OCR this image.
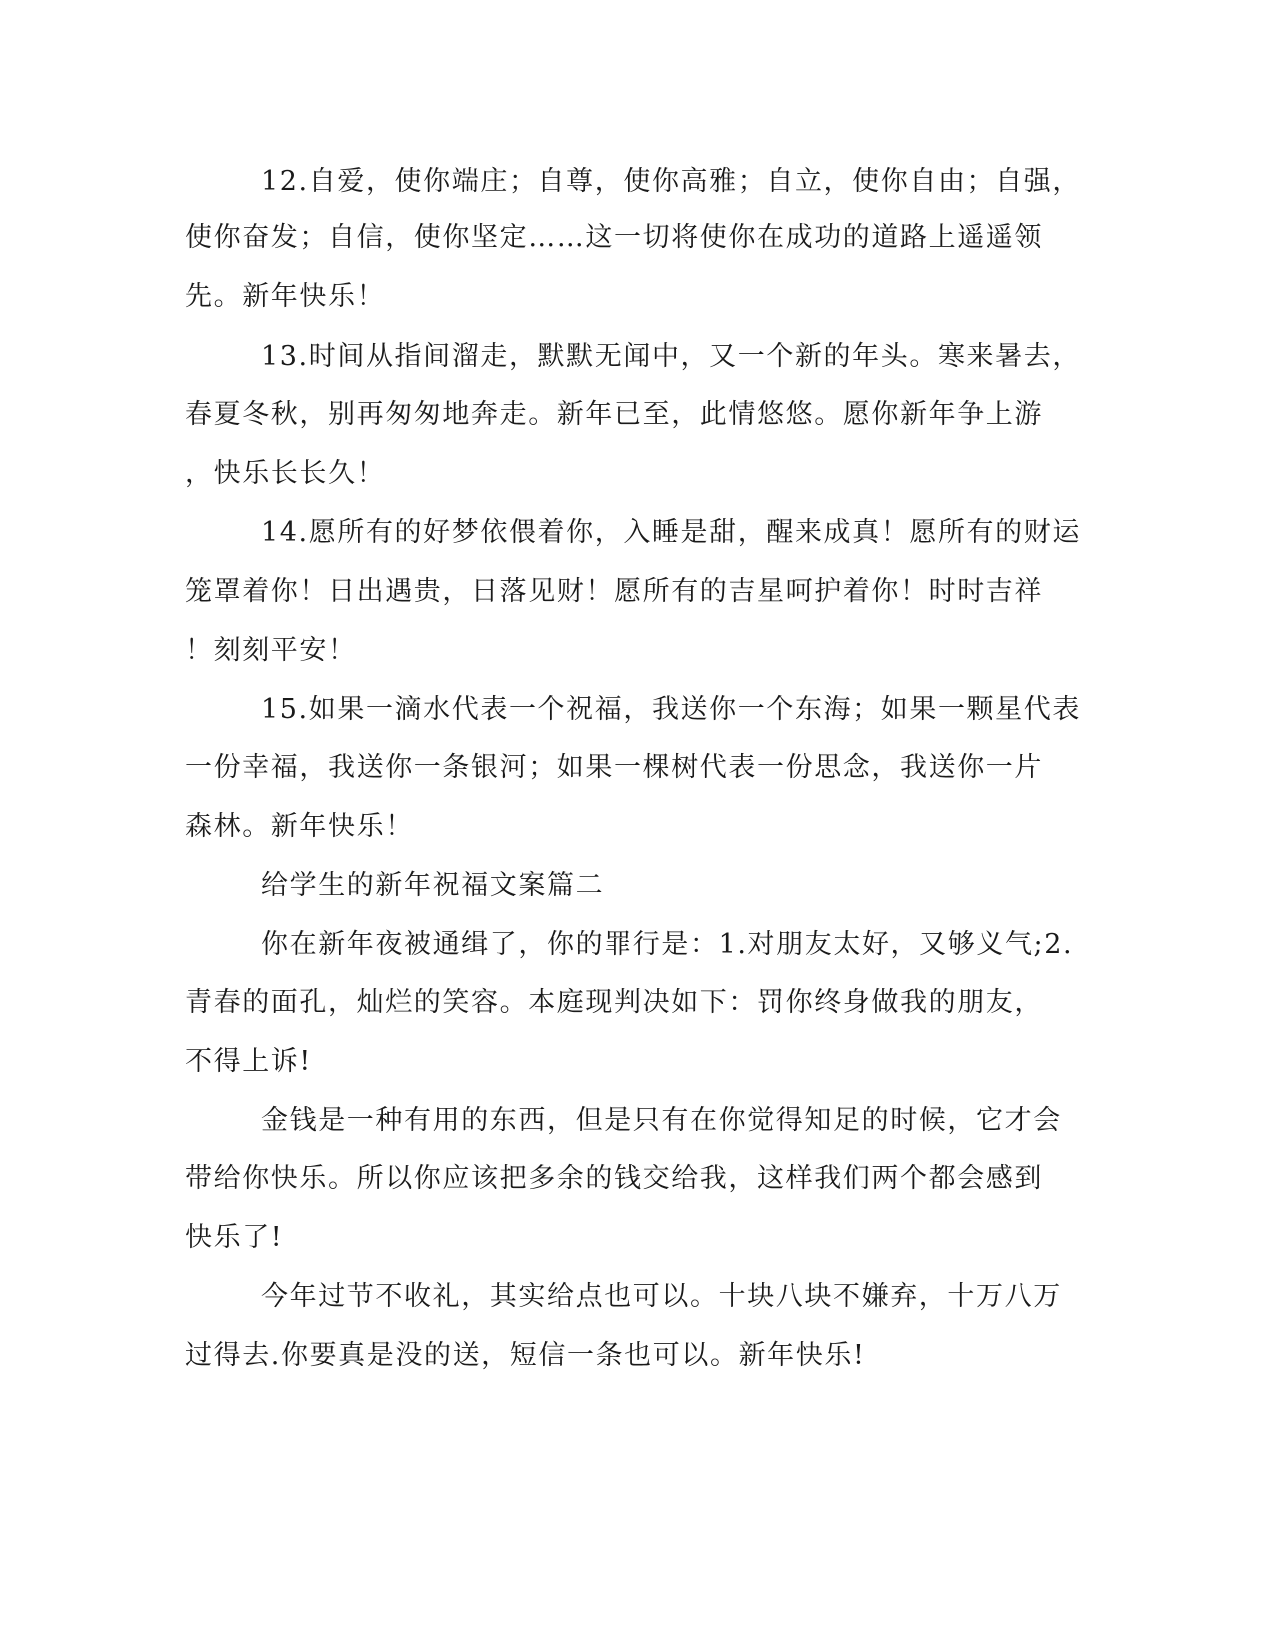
12.自爱，使你端庄；自尊，使你高雅；自立，使你自由；自强，
使你奋发；自信，使你坚定……这一切将使你在成功的道路上遥遥领
先。新年快乐！
13.时间从指间溜走，默默无闻中，又一个新的年头。寒来暑去，
春夏冬秋，别再匆匆地奔走。新年已至，此情悠悠。愿你新年争上游
，快乐长长久！
14.愿所有的好梦依偎着你，入睡是甜，醒来成真！愿所有的财运
笼罩着你！日出遇贵，日落见财！愿所有的吉星呵护着你！时时吉祥
！刻刻平安！
15.如果一滴水代表一个祝福，我送你一个东海；如果一颗星代表
一份幸福，我送你一条银河；如果一棵树代表一份思念，我送你一片
森林。新年快乐！
给学生的新年祝福文案篇二
你在新年夜被通缉了，你的罪行是：1.对朋友太好，又够义气;2.
青春的面孔，灿烂的笑容。本庭现判决如下：罚你终身做我的朋友，
不得上诉!
金钱是一种有用的东西，但是只有在你觉得知足的时候，它才会
带给你快乐。所以你应该把多余的钱交给我，这样我们两个都会感到
快乐了!
今年过节不收礼，其实给点也可以。十块八块不嫌弃，十万八万
过得去.你要真是没的送，短信一条也可以。新年快乐!
